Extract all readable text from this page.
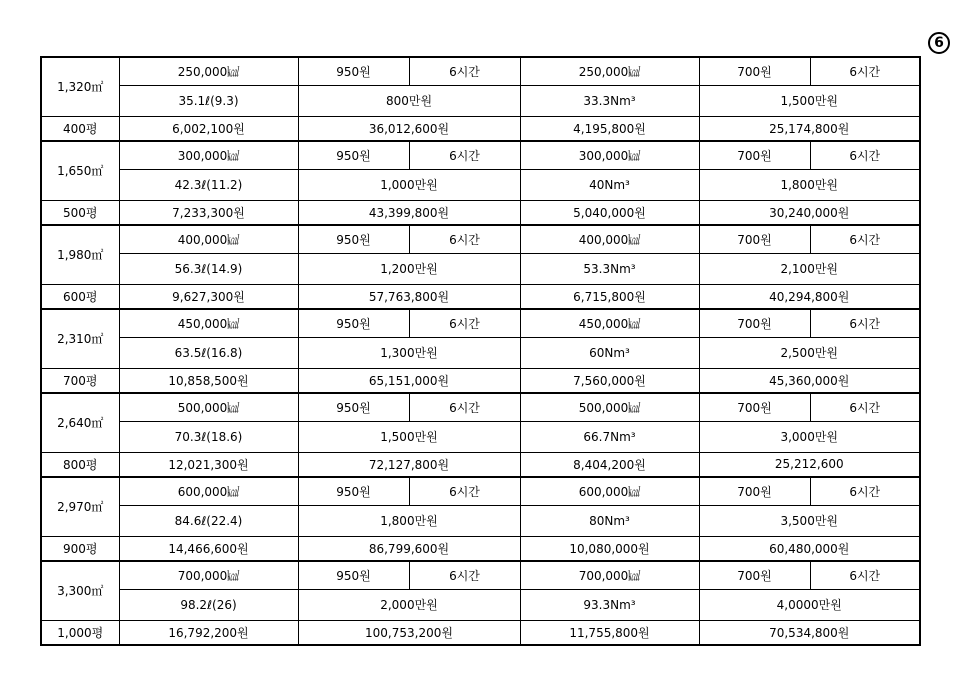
6
1,320㎡	250,000㎉	950원	6시간	250,000㎉	700원	6시간
	35.1ℓ(9.3)	800만원		33.3Nm³	1,500만원	
400평	6,002,100원	36,012,600원		4,195,800원	25,174,800원	
1,650㎡	300,000㎉	950원	6시간	300,000㎉	700원	6시간
	42.3ℓ(11.2)	1,000만원		40Nm³	1,800만원	
500평	7,233,300원	43,399,800원		5,040,000원	30,240,000원	
1,980㎡	400,000㎉	950원	6시간	400,000㎉	700원	6시간
	56.3ℓ(14.9)	1,200만원		53.3Nm³	2,100만원	
600평	9,627,300원	57,763,800원		6,715,800원	40,294,800원	
2,310㎡	450,000㎉	950원	6시간	450,000㎉	700원	6시간
	63.5ℓ(16.8)	1,300만원		60Nm³	2,500만원	
700평	10,858,500원	65,151,000원		7,560,000원	45,360,000원	
2,640㎡	500,000㎉	950원	6시간	500,000㎉	700원	6시간
	70.3ℓ(18.6)	1,500만원		66.7Nm³	3,000만원	
800평	12,021,300원	72,127,800원		8,404,200원	25,212,600	
2,970㎡	600,000㎉	950원	6시간	600,000㎉	700원	6시간
	84.6ℓ(22.4)	1,800만원		80Nm³	3,500만원	
900평	14,466,600원	86,799,600원		10,080,000원	60,480,000원	
3,300㎡	700,000㎉	950원	6시간	700,000㎉	700원	6시간
	98.2ℓ(26)	2,000만원		93.3Nm³	4,0000만원	
1,000평	16,792,200원	100,753,200원		11,755,800원	70,534,800원	
